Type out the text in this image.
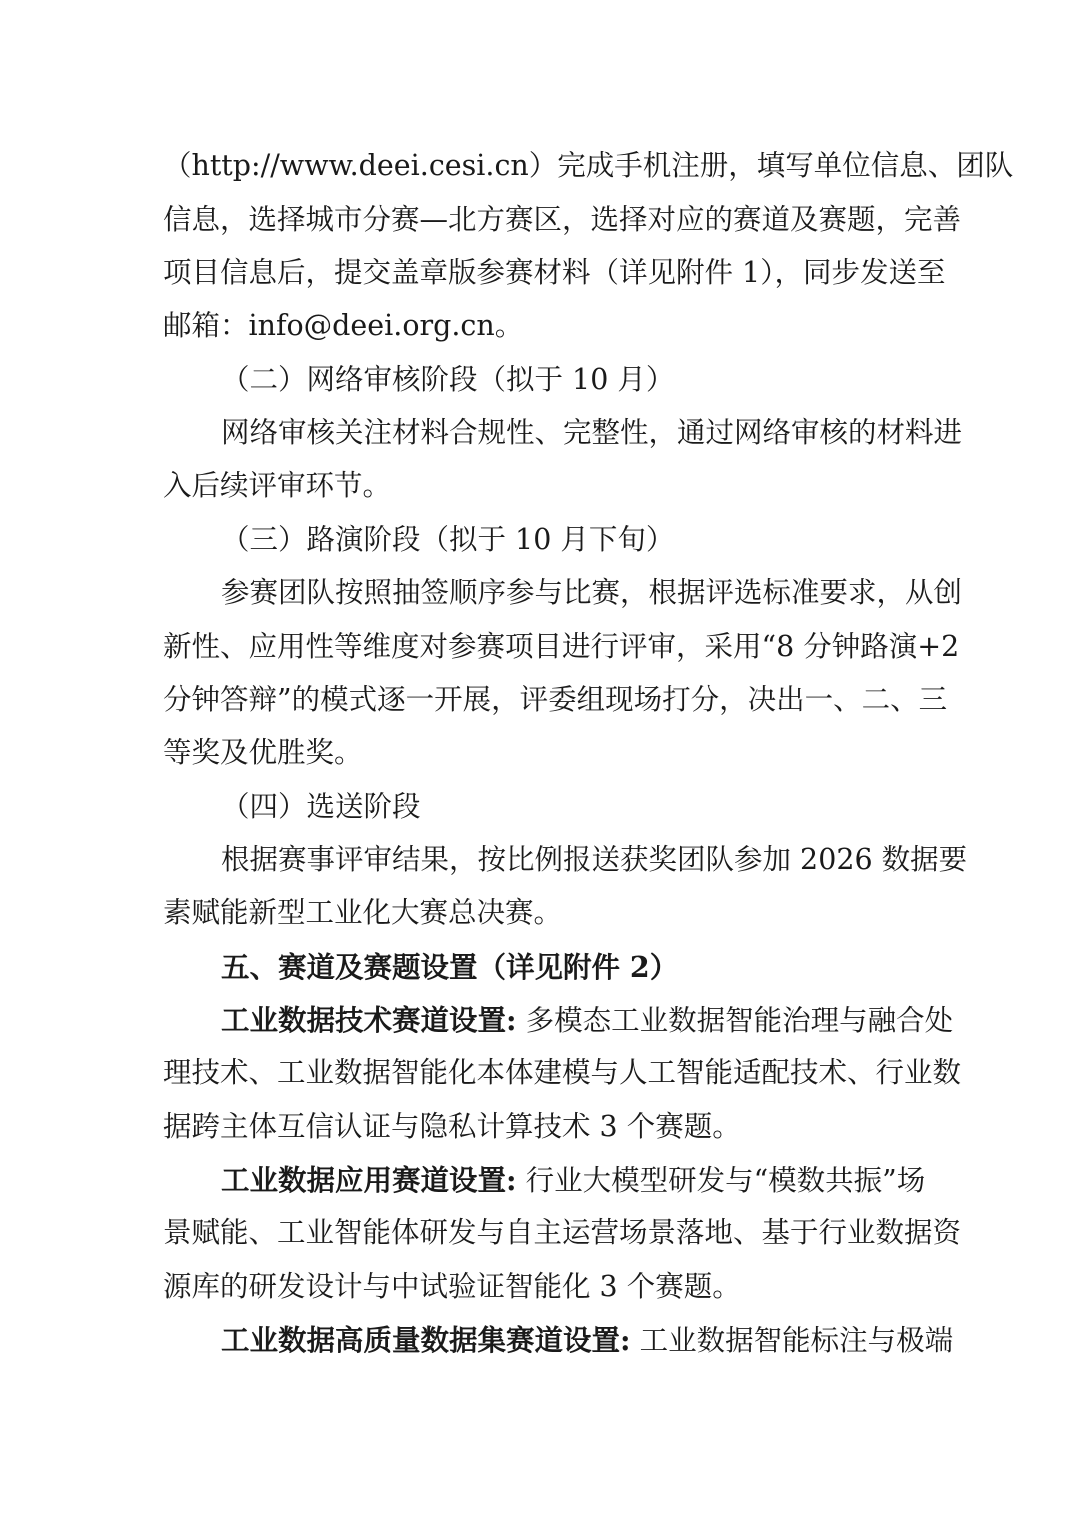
（http://www.deei.cesi.cn）完成手机注册，填写单位信息、团队
信息，选择城市分赛—北方赛区，选择对应的赛道及赛题，完善
项目信息后，提交盖章版参赛材料（详见附件 1），同步发送至
邮箱：info@deei.org.cn。
（二）网络审核阶段（拟于 10 月）
网络审核关注材料合规性、完整性，通过网络审核的材料进
入后续评审环节。
（三）路演阶段（拟于 10 月下旬）
参赛团队按照抽签顺序参与比赛，根据评选标准要求，从创
新性、应用性等维度对参赛项目进行评审，采用“8 分钟路演+2
分钟答辩”的模式逐一开展，评委组现场打分，决出一、二、三
等奖及优胜奖。
（四）选送阶段
根据赛事评审结果，按比例报送获奖团队参加 2026 数据要
素赋能新型工业化大赛总决赛。
五、赛道及赛题设置（详见附件 2）
工业数据技术赛道设置: 多模态工业数据智能治理与融合处
理技术、工业数据智能化本体建模与人工智能适配技术、行业数
据跨主体互信认证与隐私计算技术 3 个赛题。
工业数据应用赛道设置: 行业大模型研发与“模数共振”场
景赋能、工业智能体研发与自主运营场景落地、基于行业数据资
源库的研发设计与中试验证智能化 3 个赛题。
工业数据高质量数据集赛道设置: 工业数据智能标注与极端
